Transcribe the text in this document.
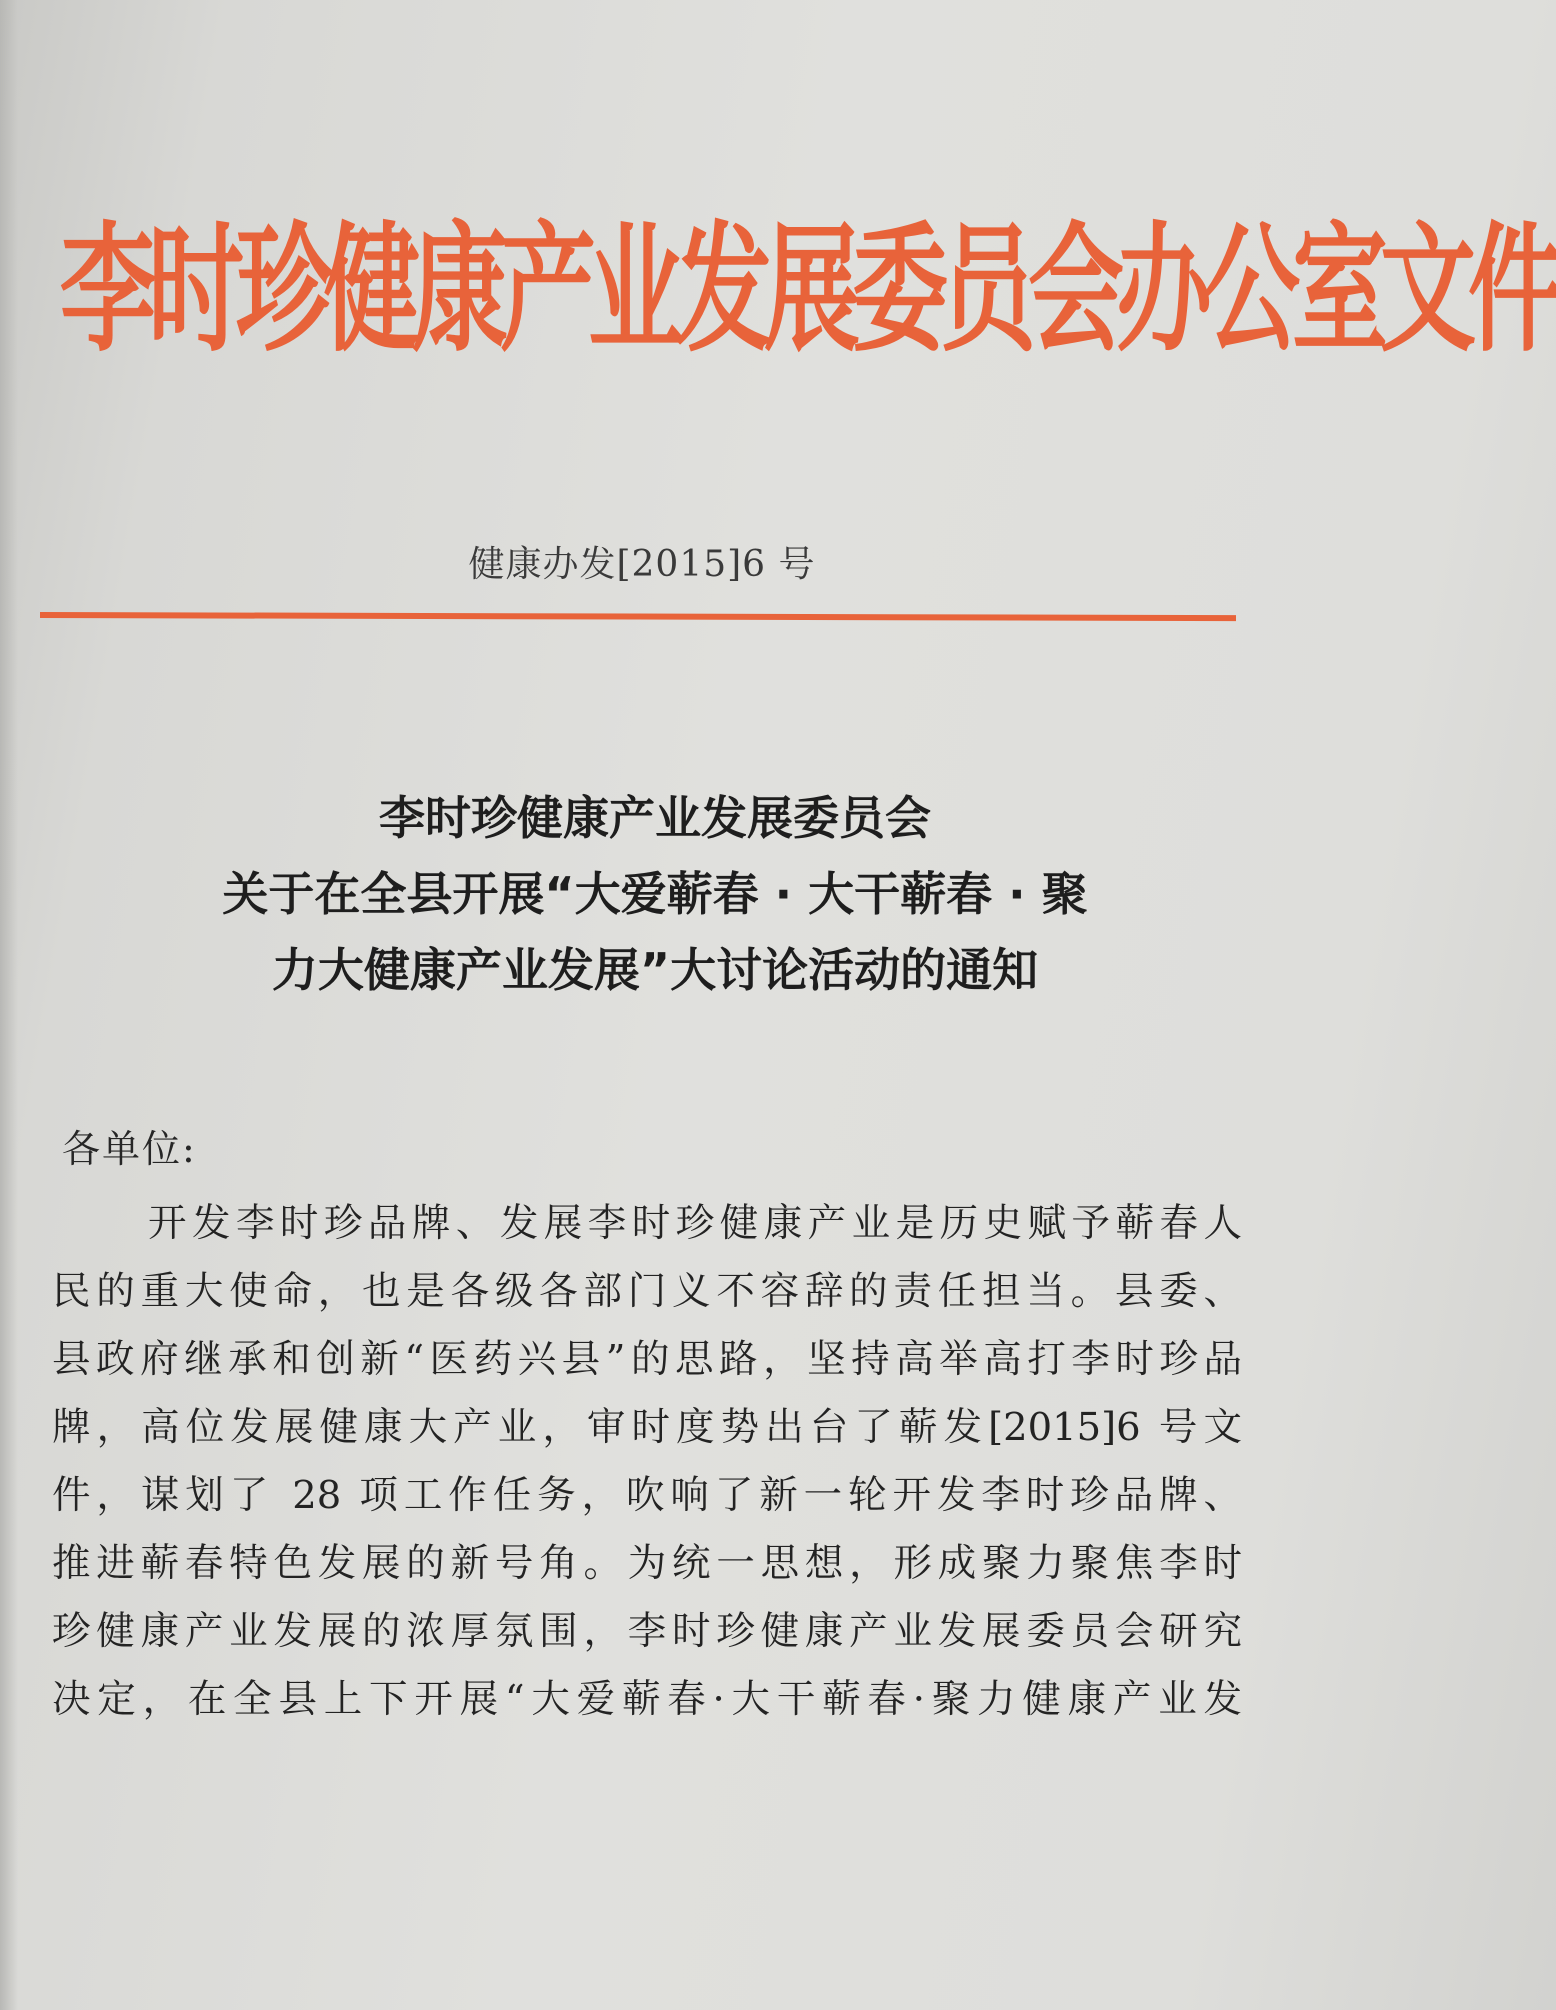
李时珍健康产业发展委员会办公室文件
健康办发[2015]6 号
李时珍健康产业发展委员会
关于在全县开展“大爱蕲春 · 大干蕲春 · 聚
力大健康产业发展”大讨论活动的通知
各单位:
开发李时珍品牌、发展李时珍健康产业是历史赋予蕲春人
民的重大使命，也是各级各部门义不容辞的责任担当。县委、
县政府继承和创新“医药兴县”的思路，坚持高举高打李时珍品
牌，高位发展健康大产业，审时度势出台了蕲发[2015]6 号文
件，谋划了 28 项工作任务，吹响了新一轮开发李时珍品牌、
推进蕲春特色发展的新号角。为统一思想，形成聚力聚焦李时
珍健康产业发展的浓厚氛围，李时珍健康产业发展委员会研究
决定，在全县上下开展“大爱蕲春·大干蕲春·聚力健康产业发
